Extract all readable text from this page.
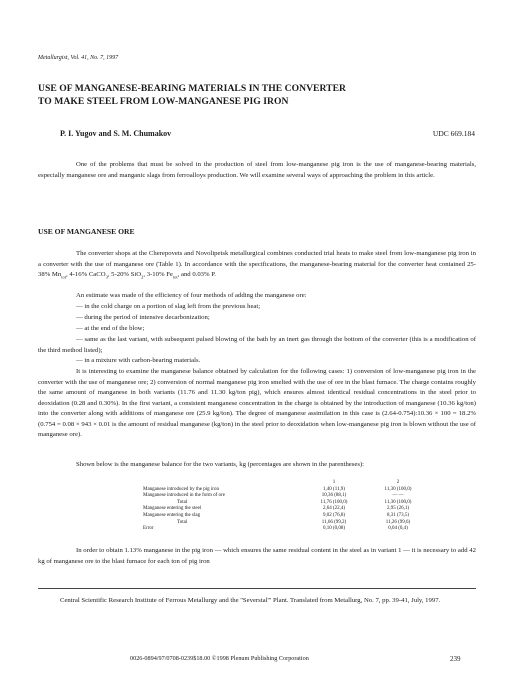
Metallurgist, Vol. 41, No. 7, 1997
USE OF MANGANESE-BEARING MATERIALS IN THE CONVERTER
TO MAKE STEEL FROM LOW-MANGANESE PIG IRON
P. I. Yugov and S. M. Chumakov	UDC 669.184

One of the problems that must be solved in the production of steel from low-manganese pig iron is the use of manganese-bearing materials, especially manganese ore and manganic slags from ferroalloys production. We will examine several ways of approaching the problem in this article.

USE OF MANGANESE ORE

The converter shops at the Cherepovets and Novolipetsk metallurgical combines conducted trial heats to make steel from low-manganese pig iron in a converter with the use of manganese ore (Table 1). In accordance with the specifications, the manganese-bearing material for the converter heat contained 25-38% $Mn_{tot}$, 4-16% CaCO$_3$, 5-20% SiO$_2$, 3-10% $Fe_{tot}$, and 0.03% P.

An estimate was made of the efficiency of four methods of adding the manganese ore:
— in the cold charge on a portion of slag left from the previous heat;
— during the period of intensive decarbonization;
— at the end of the blow;

— same as the last variant, with subsequent pulsed blowing of the bath by an inert gas through the bottom of the converter (this is a modification of the third method listed);

— in a mixture with carbon-bearing materials.

It is interesting to examine the manganese balance obtained by calculation for the following cases: 1) conversion of low-manganese pig iron in the converter with the use of manganese ore; 2) conversion of normal manganese pig iron smelted with the use of ore in the blast furnace. The charge contains roughly the same amount of manganese in both variants (11.76 and 11.30 kg/ton pig), which ensures almost identical residual concentrations in the steel prior to deoxidation (0.28 and 0.30%). In the first variant, a consistent manganese concentration in the charge is obtained by the introduction of manganese (10.36 kg/ton) into the converter along with additions of manganese ore (25.9 kg/ton). The degree of manganese assimilation in this case is (2.64-0.754):10.36 × 100 = 18.2% (0.754 = 0.08 × 943 × 0.01 is the amount of residual manganese (kg/ton) in the steel prior to deoxidation when low-manganese pig iron is blown without the use of manganese ore).

Shown below is the manganese balance for the two variants, kg (percentages are shown in the parentheses):

	1	2
Manganese introduced by the pig iron	1,40 (11,9)	11,30 (100,0)
Manganese introduced in the form of ore	10,36 (88,1)	— —
Total	11,76 (100,0)	11,30 (100,0)
Manganese entering the steel	2,64 (22,4)	2,95 (26,1)
Manganese entering the slag	9,02 (76,8)	8,31 (73,5)
Total	11,66 (99,2)	11,26 (99,6)
Error	0,10 (0,08)	0,04 (0,4)

In order to obtain 1.13% manganese in the pig iron — which ensures the same residual content in the steel as in variant 1 — it is necessary to add 42 kg of manganese ore to the blast furnace for each ton of pig iron

Central Scientific Research Institute of Ferrous Metallurgy and the "Severstal'" Plant. Translated from Metallurg, No. 7, pp. 39-41, July, 1997.

0026-0894/97/0708-0239$18.00 ©1998 Plenum Publishing Corporation	239
